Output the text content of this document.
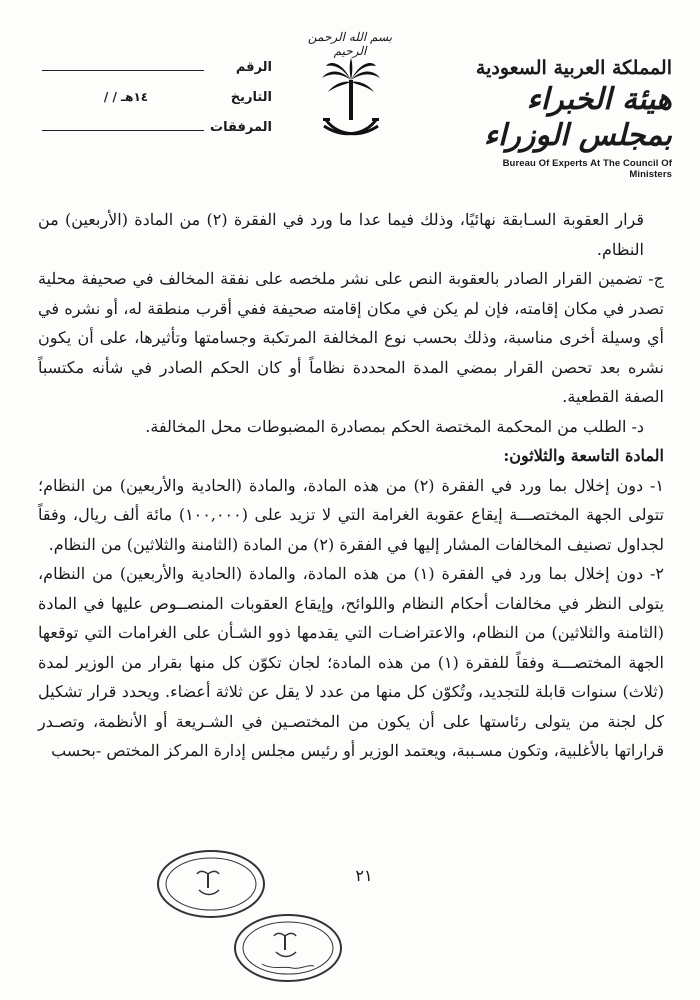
المملكة العربية السعودية
هيئة الخبراء بمجلس الوزراء
Bureau Of Experts At The Council Of Ministers
بسم الله الرحمن الرحيم
الرقم
التاريخ
/ / ١٤هـ
المرفقات

قرار العقوبة السـابقة نهائيًا، وذلك فيما عدا ما ورد في الفقرة (٢) من المادة (الأربعين) من النظام.

ج- تضمين القرار الصادر بالعقوبة النص على نشر ملخصه على نفقة المخالف في صحيفة محلية تصدر في مكان إقامته، فإن لم يكن في مكان إقامته صحيفة ففي أقرب منطقة له، أو نشره في أي وسيلة أخرى مناسبة، وذلك بحسب نوع المخالفة المرتكبة وجسامتها وتأثيرها، على أن يكون نشره بعد تحصن القرار بمضي المدة المحددة نظاماً أو كان الحكم الصادر في شأنه مكتسباً الصفة القطعية.

د- الطلب من المحكمة المختصة الحكم بمصادرة المضبوطات محل المخالفة.

المادة التاسعة والثلاثون:

١- دون إخلال بما ورد في الفقرة (٢) من هذه المادة، والمادة (الحادية والأربعين) من النظام؛ تتولى الجهة المختصـــة إيقاع عقوبة الغرامة التي لا تزيد على (١٠٠,٠٠٠) مائة ألف ريال، وفقاً لجداول تصنيف المخالفات المشار إليها في الفقرة (٢) من المادة (الثامنة والثلاثين) من النظام.

٢- دون إخلال بما ورد في الفقرة (١) من هذه المادة، والمادة (الحادية والأربعين) من النظام، يتولى النظر في مخالفات أحكام النظام واللوائح، وإيقاع العقوبات المنصــوص عليها في المادة (الثامنة والثلاثين) من النظام، والاعتراضـات التي يقدمها ذوو الشـأن على الغرامات التي توقعها الجهة المختصـــة وفقاً للفقرة (١) من هذه المادة؛ لجان تكوّن كل منها بقرار من الوزير لمدة (ثلاث) سنوات قابلة للتجديد، وتُكوّن كل منها من عدد لا يقل عن ثلاثة أعضاء. ويحدد قرار تشكيل كل لجنة من يتولى رئاستها على أن يكون من المختصـين في الشـريعة أو الأنظمة، وتصـدر قراراتها بالأغلبية، وتكون مسـببة، ويعتمد الوزير أو رئيس مجلس إدارة المركز المختص -بحسب

٢١
